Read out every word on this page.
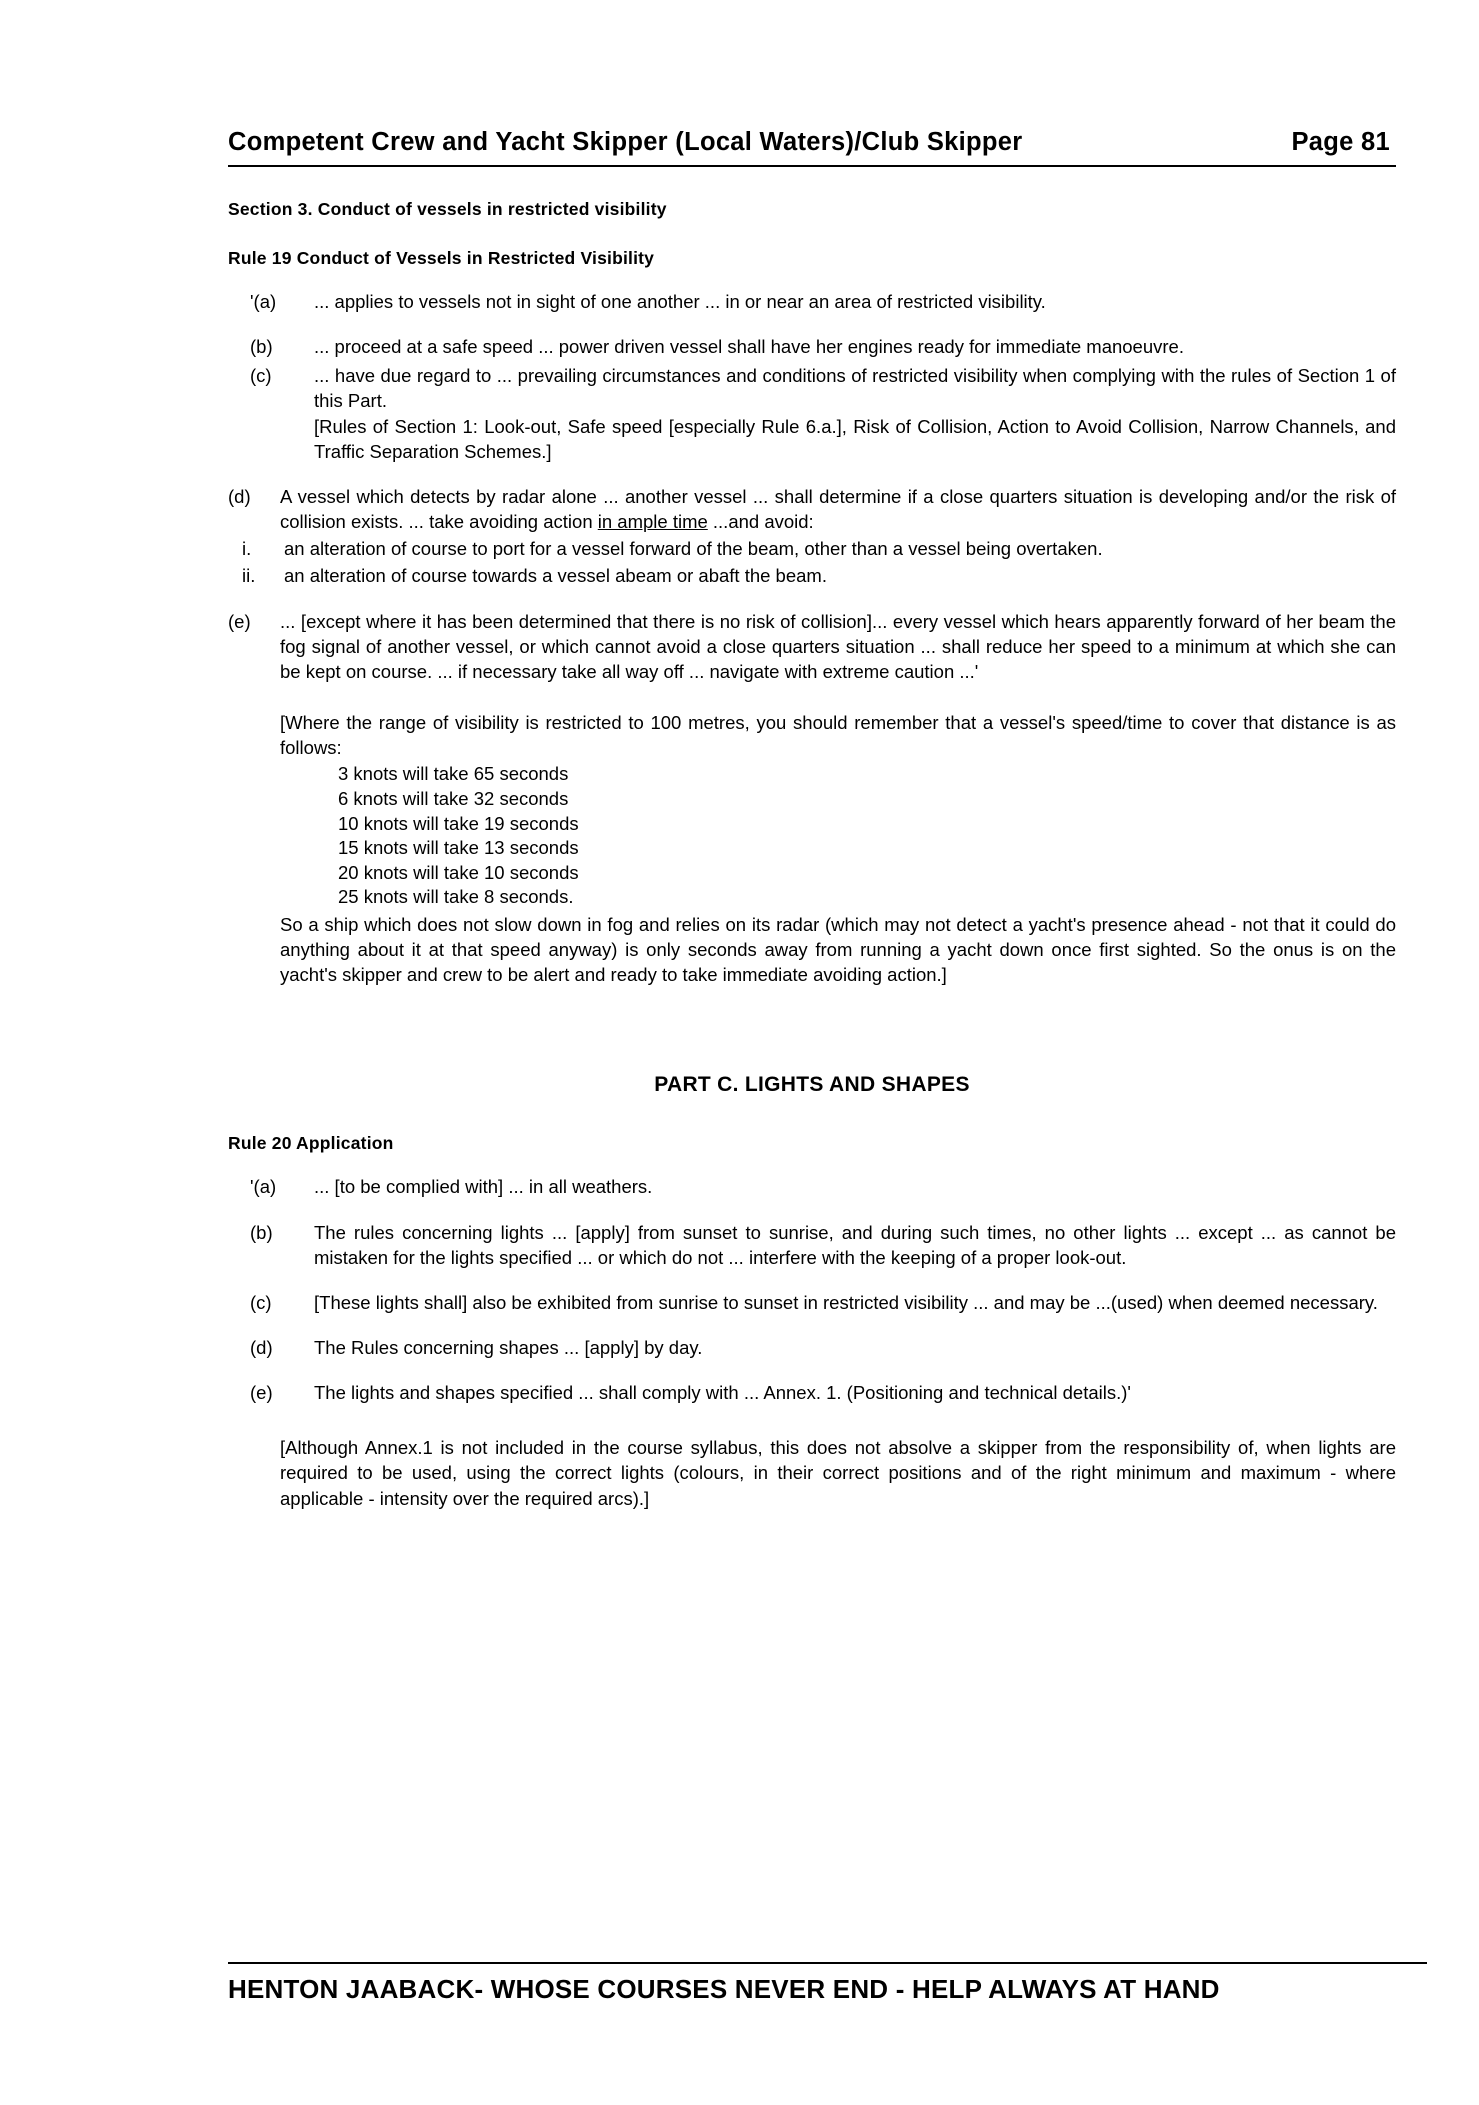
Competent Crew and Yacht Skipper (Local Waters)/Club Skipper	Page 81
Section 3. Conduct of vessels in restricted visibility
Rule 19 Conduct of Vessels in Restricted Visibility
'(a)	... applies to vessels not in sight of one another ... in or near an area of restricted visibility.
(b)	... proceed at a safe speed ... power driven vessel shall have her engines ready for immediate manoeuvre.
(c)	... have due regard to ... prevailing circumstances and conditions of restricted visibility when complying with the rules of Section 1 of this Part.
[Rules of Section 1: Look-out, Safe speed [especially Rule 6.a.], Risk of Collision, Action to Avoid Collision, Narrow Channels, and Traffic Separation Schemes.]
(d)	A vessel which detects by radar alone ... another vessel ... shall determine if a close quarters situation is developing and/or the risk of collision exists. ... take avoiding action in ample time ...and avoid:
i.	an alteration of course to port for a vessel forward of the beam, other than a vessel being overtaken.
ii.	an alteration of course towards a vessel abeam or abaft the beam.
(e)	... [except where it has been determined that there is no risk of collision]... every vessel which hears apparently forward of her beam the fog signal of another vessel, or which cannot avoid a close quarters situation ... shall reduce her speed to a minimum at which she can be kept on course. ... if necessary take all way off ... navigate with extreme caution ...'
[Where the range of visibility is restricted to 100 metres, you should remember that a vessel's speed/time to cover that distance is as follows:
3 knots will take 65 seconds
6 knots will take 32 seconds
10 knots will take 19 seconds
15 knots will take 13 seconds
20 knots will take 10 seconds
25 knots will take 8 seconds.
So a ship which does not slow down in fog and relies on its radar (which may not detect a yacht's presence ahead - not that it could do anything about it at that speed anyway) is only seconds away from running a yacht down once first sighted. So the onus is on the yacht's skipper and crew to be alert and ready to take immediate avoiding action.]
PART C. LIGHTS AND SHAPES
Rule 20 Application
'(a)	... [to be complied with] ... in all weathers.
(b)	The rules concerning lights ... [apply] from sunset to sunrise, and during such times, no other lights ... except ... as cannot be mistaken for the lights specified ... or which do not ... interfere with the keeping of a proper look-out.
(c)	[These lights shall] also be exhibited from sunrise to sunset in restricted visibility ... and may be ...(used) when deemed necessary.
(d)	The Rules concerning shapes ... [apply] by day.
(e)	The lights and shapes specified ... shall comply with ... Annex. 1. (Positioning and technical details.)'
[Although Annex.1 is not included in the course syllabus, this does not absolve a skipper from the responsibility of, when lights are required to be used, using the correct lights (colours, in their correct positions and of the right minimum and maximum - where applicable - intensity over the required arcs).]
HENTON JAABACK- WHOSE COURSES NEVER END - HELP ALWAYS AT HAND
